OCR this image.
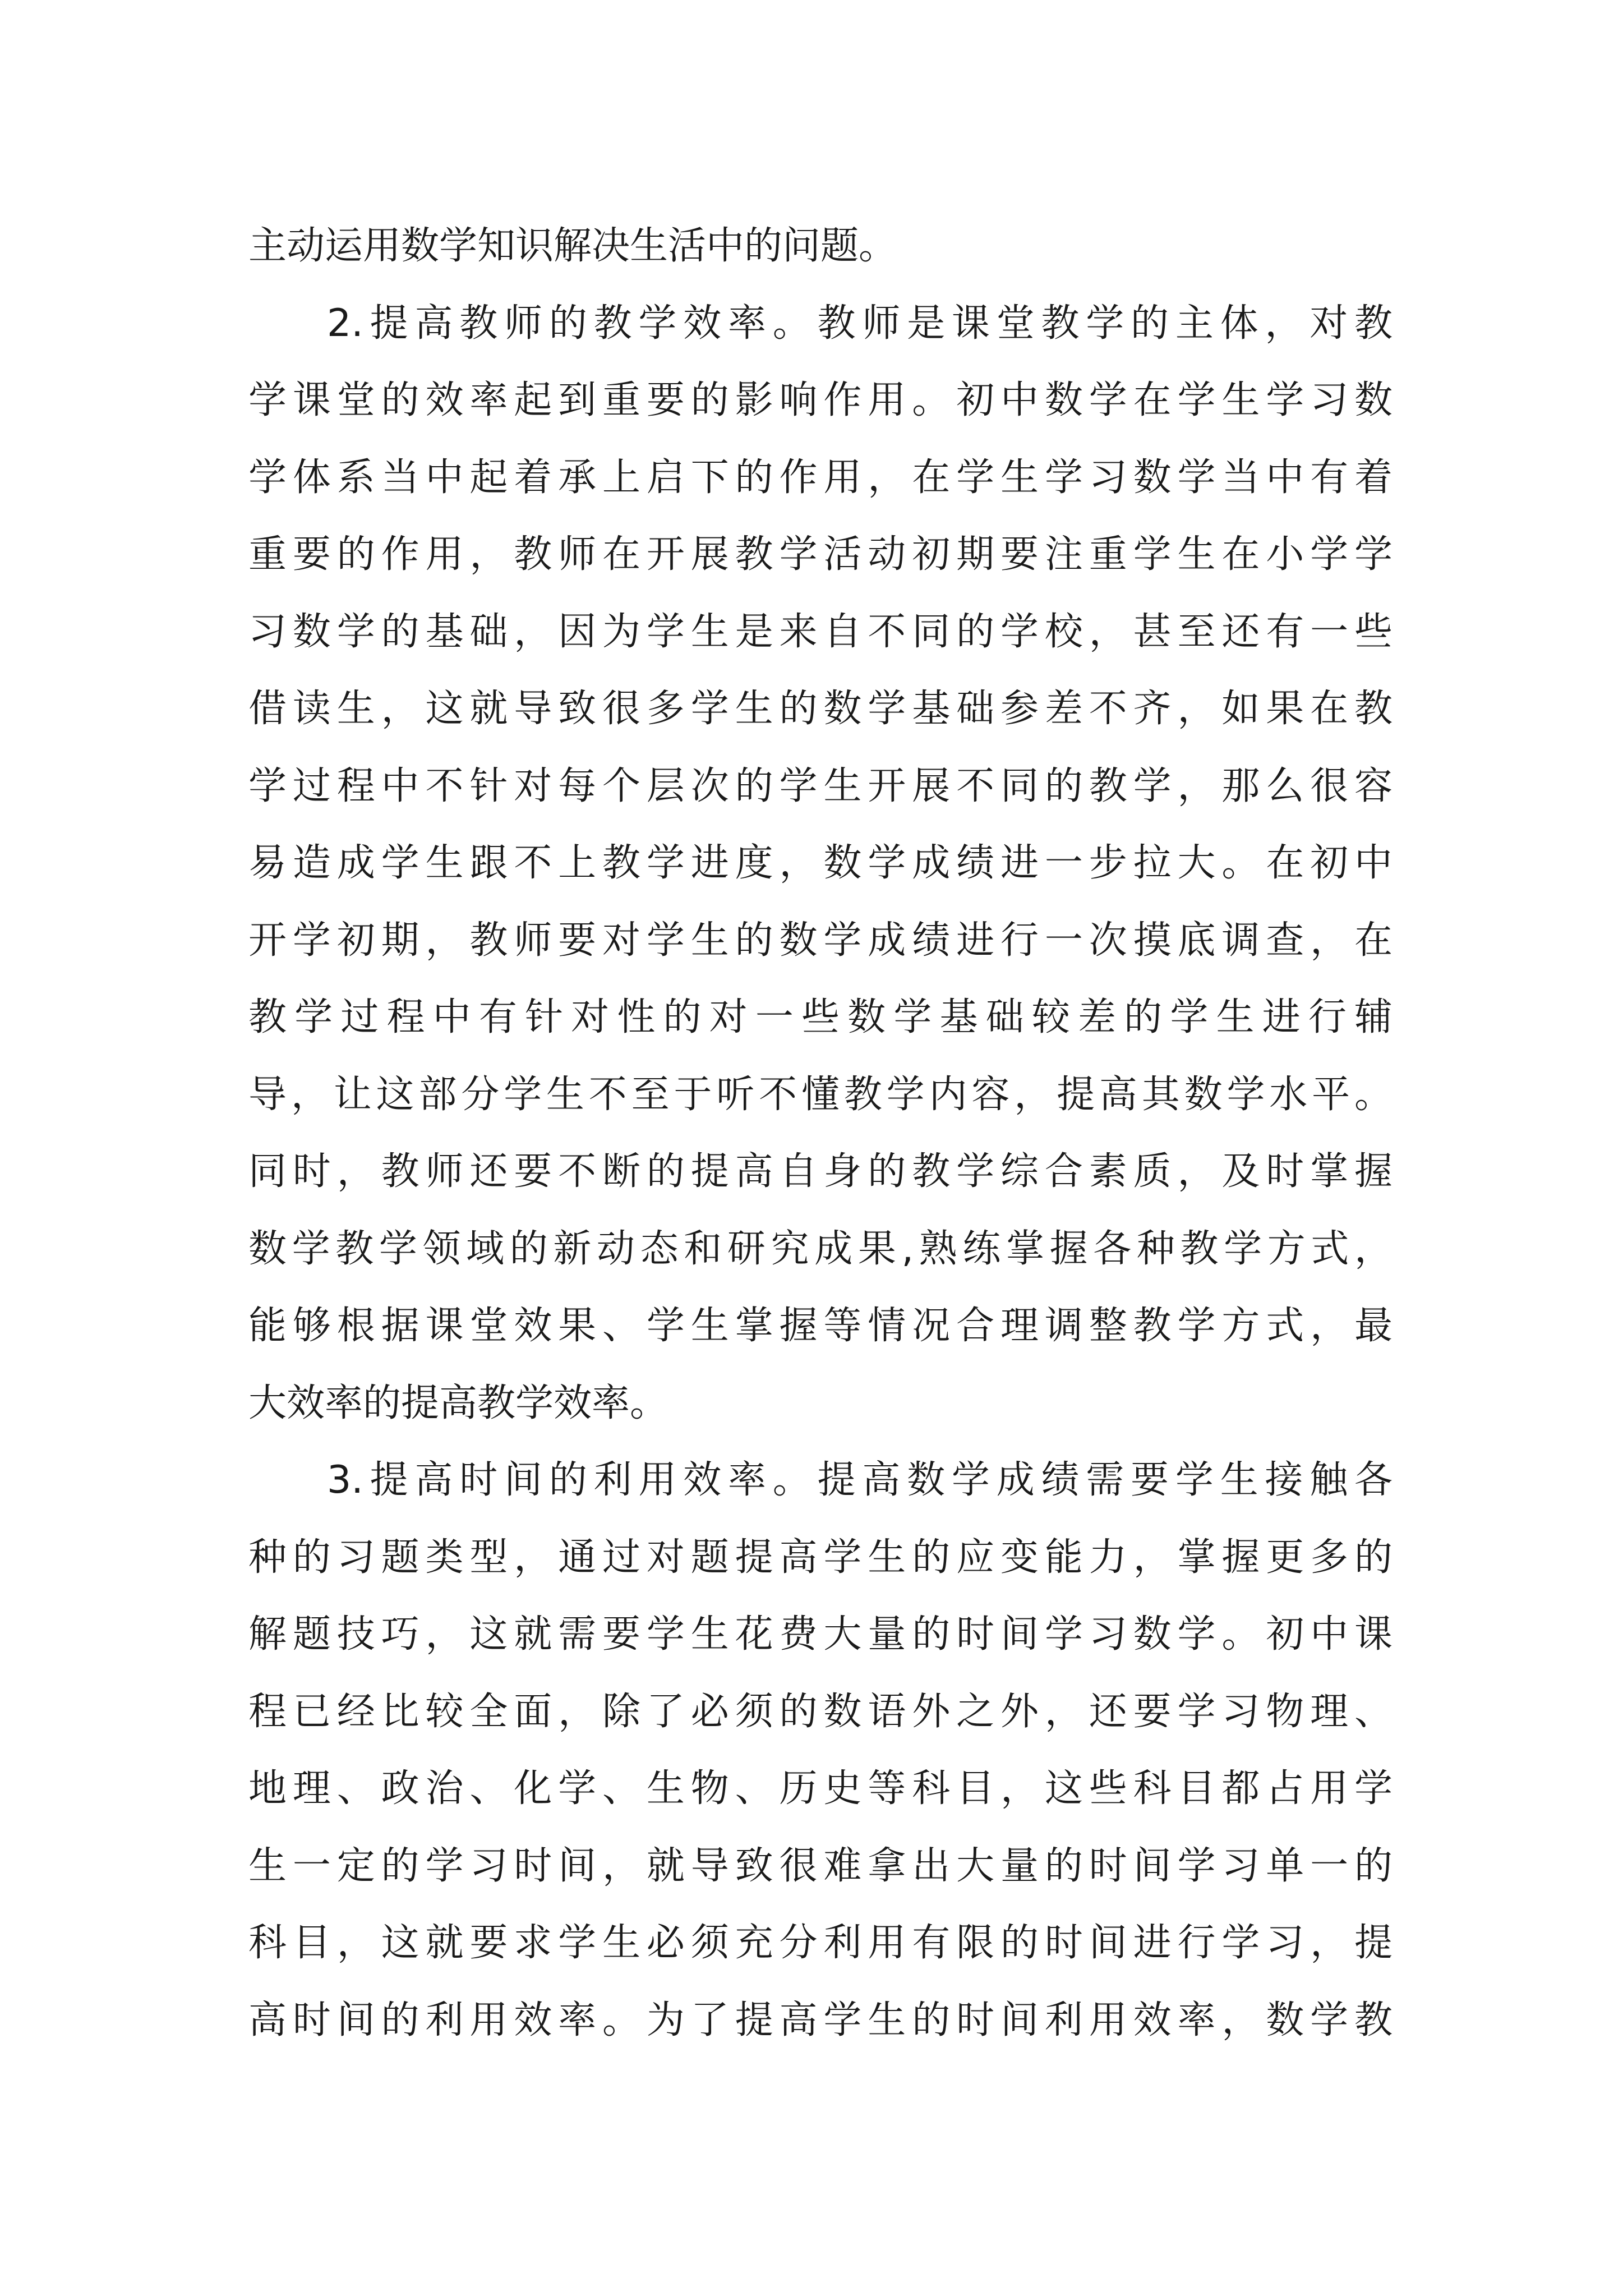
主动运用数学知识解决生活中的问题。
2.提高教师的教学效率。教师是课堂教学的主体，对教
学课堂的效率起到重要的影响作用。初中数学在学生学习数
学体系当中起着承上启下的作用，在学生学习数学当中有着
重要的作用，教师在开展教学活动初期要注重学生在小学学
习数学的基础，因为学生是来自不同的学校，甚至还有一些
借读生，这就导致很多学生的数学基础参差不齐，如果在教
学过程中不针对每个层次的学生开展不同的教学，那么很容
易造成学生跟不上教学进度，数学成绩进一步拉大。在初中
开学初期，教师要对学生的数学成绩进行一次摸底调查，在
教学过程中有针对性的对一些数学基础较差的学生进行辅
导，让这部分学生不至于听不懂教学内容，提高其数学水平。
同时，教师还要不断的提高自身的教学综合素质，及时掌握
数学教学领域的新动态和研究成果,熟练掌握各种教学方式，
能够根据课堂效果、学生掌握等情况合理调整教学方式，最
大效率的提高教学效率。
3.提高时间的利用效率。提高数学成绩需要学生接触各
种的习题类型，通过对题提高学生的应变能力，掌握更多的
解题技巧，这就需要学生花费大量的时间学习数学。初中课
程已经比较全面，除了必须的数语外之外，还要学习物理、
地理、政治、化学、生物、历史等科目，这些科目都占用学
生一定的学习时间，就导致很难拿出大量的时间学习单一的
科目，这就要求学生必须充分利用有限的时间进行学习，提
高时间的利用效率。为了提高学生的时间利用效率，数学教
